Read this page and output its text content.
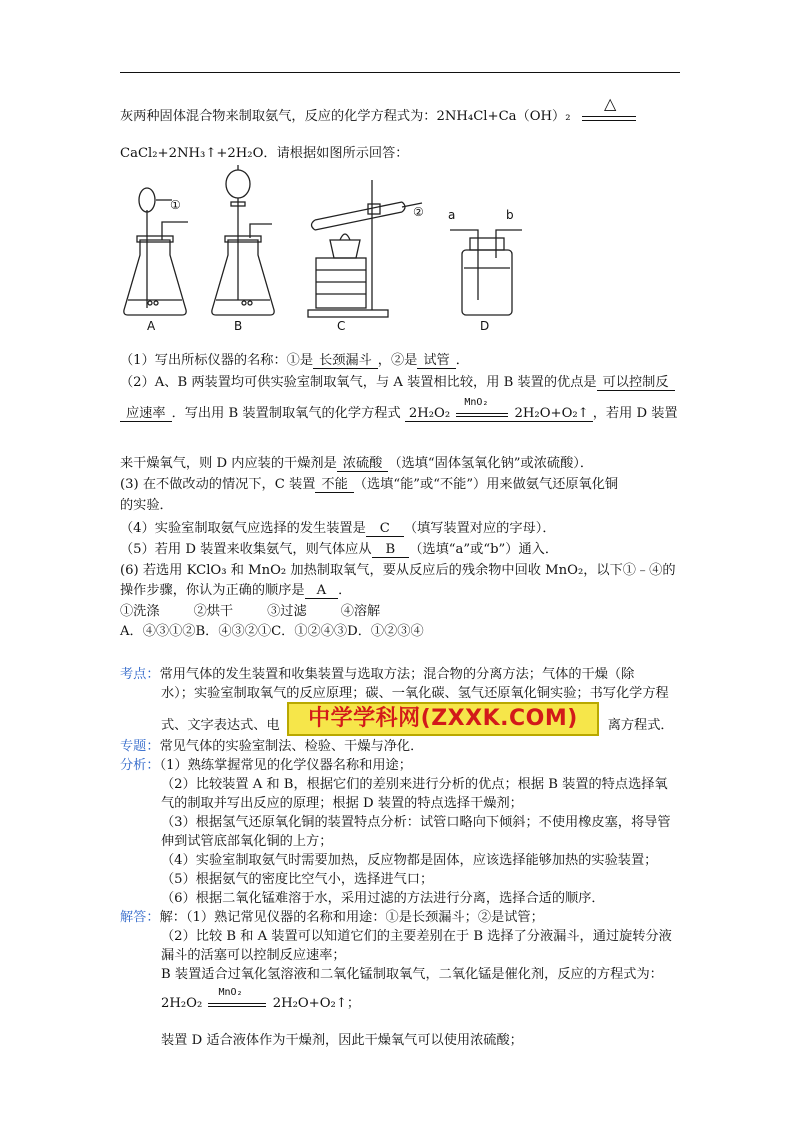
灰两种固体混合物来制取氨气，反应的化学方程式为：2NH₄Cl+Ca（OH）₂
△
CaCl₂+2NH₃↑+2H₂O．请根据如图所示回答：
①	② a	b
A	B	C	D
（1）写出所标仪器的名称：①是 长颈漏斗 ，②是 试管 ．
（2）A、B 两装置均可供实验室制取氧气，与 A 装置相比较，用 B 装置的优点是 可以控制反
应速率 ．写出用 B 装置制取氧气的化学方程式 2H₂O₂
MnO₂
2H₂O+O₂↑ ，若用 D 装置
来干燥氧气，则 D 内应装的干燥剂是 浓硫酸 （选填“固体氢氧化钠”或浓硫酸）．
(3) 在不做改动的情况下，C 装置 不能 （选填“能”或“不能”）用来做氨气还原氧化铜
的实验．
（4）实验室制取氨气应选择的发生装置是 C （填写装置对应的字母）．
（5）若用 D 装置来收集氨气，则气体应从 B （选填“a”或“b”）通入．
(6) 若选用 KClO₃ 和 MnO₂ 加热制取氧气，要从反应后的残余物中回收 MnO₂，以下①﹣④的
操作步骤，你认为正确的顺序是 A ．
①洗涤	②烘干	③过滤	④溶解
A．④③①②B．④③②①C．①②④③D．①②③④
考点：常用气体的发生装置和收集装置与选取方法；混合物的分离方法；气体的干燥（除
水）；实验室制取氧气的反应原理；碳、一氧化碳、氢气还原氧化铜实验；书写化学方程
式、文字表达式、电	离方程式．
中学学科网(ZXXK.COM)
专题：常见气体的实验室制法、检验、干燥与净化．
分析：（1）熟练掌握常见的化学仪器名称和用途；
（2）比较装置 A 和 B，根据它们的差别来进行分析的优点；根据 B 装置的特点选择氧
气的制取并写出反应的原理；根据 D 装置的特点选择干燥剂；
（3）根据氢气还原氧化铜的装置特点分析：试管口略向下倾斜；不使用橡皮塞，将导管
伸到试管底部氧化铜的上方；
（4）实验室制取氨气时需要加热，反应物都是固体，应该选择能够加热的实验装置；
（5）根据氨气的密度比空气小，选择进气口；
（6）根据二氧化锰难溶于水，采用过滤的方法进行分离，选择合适的顺序．
解答：解：（1）熟记常见仪器的名称和用途：①是长颈漏斗；②是试管；
（2）比较 B 和 A 装置可以知道它们的主要差别在于 B 选择了分液漏斗，通过旋转分液
漏斗的活塞可以控制反应速率；
B 装置适合过氧化氢溶液和二氧化锰制取氧气，二氧化锰是催化剂，反应的方程式为：
2H₂O₂
MnO₂
2H₂O+O₂↑；
装置 D 适合液体作为干燥剂，因此干燥氧气可以使用浓硫酸；
